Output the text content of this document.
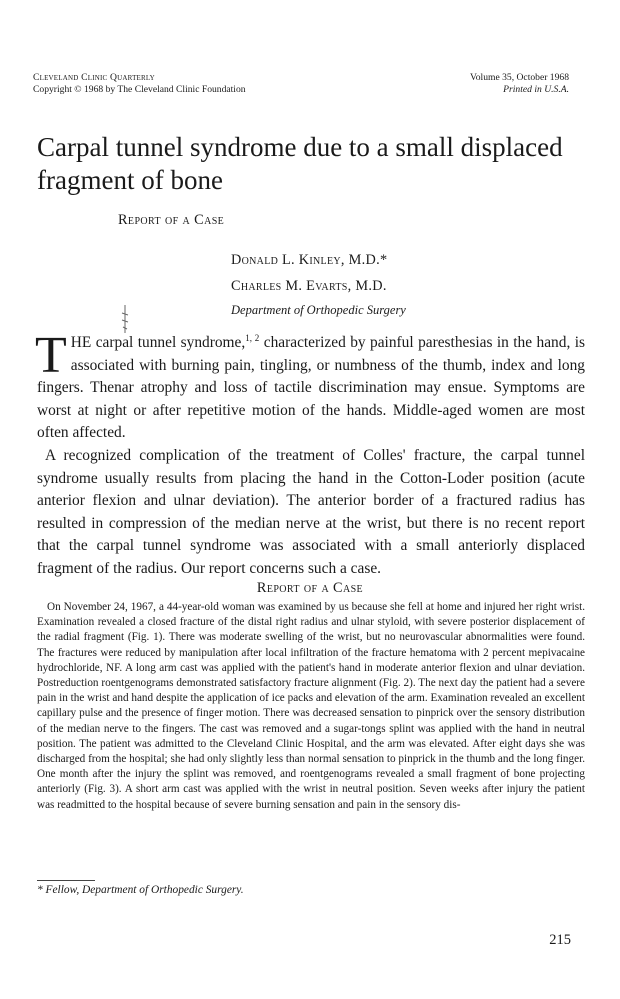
Cleveland Clinic Quarterly
Copyright © 1968 by The Cleveland Clinic Foundation
Volume 35, October 1968
Printed in U.S.A.
Carpal tunnel syndrome due to a small displaced fragment of bone
Report of a Case
Donald L. Kinley, M.D.*
Charles M. Evarts, M.D.
Department of Orthopedic Surgery

THE carpal tunnel syndrome,$^{1, 2}$ characterized by painful paresthesias in the hand, is associated with burning pain, tingling, or numbness of the thumb, index and long fingers. Thenar atrophy and loss of tactile discrimination may ensue. Symptoms are worst at night or after repetitive motion of the hands. Middle-aged women are most often affected.

A recognized complication of the treatment of Colles' fracture, the carpal tunnel syndrome usually results from placing the hand in the Cotton-Loder position (acute anterior flexion and ulnar deviation). The anterior border of a fractured radius has resulted in compression of the median nerve at the wrist, but there is no recent report that the carpal tunnel syndrome was associated with a small anteriorly displaced fragment of the radius. Our report concerns such a case.

Report of a Case

On November 24, 1967, a 44-year-old woman was examined by us because she fell at home and injured her right wrist. Examination revealed a closed fracture of the distal right radius and ulnar styloid, with severe posterior displacement of the radial fragment (Fig. 1). There was moderate swelling of the wrist, but no neurovascular abnormalities were found. The fractures were reduced by manipulation after local infiltration of the fracture hematoma with 2 percent mepivacaine hydrochloride, NF. A long arm cast was applied with the patient's hand in moderate anterior flexion and ulnar deviation. Postreduction roentgenograms demonstrated satisfactory fracture alignment (Fig. 2). The next day the patient had a severe pain in the wrist and hand despite the application of ice packs and elevation of the arm. Examination revealed an excellent capillary pulse and the presence of finger motion. There was decreased sensation to pinprick over the sensory distribution of the median nerve to the fingers. The cast was removed and a sugar-tongs splint was applied with the hand in neutral position. The patient was admitted to the Cleveland Clinic Hospital, and the arm was elevated. After eight days she was discharged from the hospital; she had only slightly less than normal sensation to pinprick in the thumb and the long finger. One month after the injury the splint was removed, and roentgenograms revealed a small fragment of bone projecting anteriorly (Fig. 3). A short arm cast was applied with the wrist in neutral position. Seven weeks after injury the patient was readmitted to the hospital because of severe burning sensation and pain in the sensory dis-

* Fellow, Department of Orthopedic Surgery.
215
